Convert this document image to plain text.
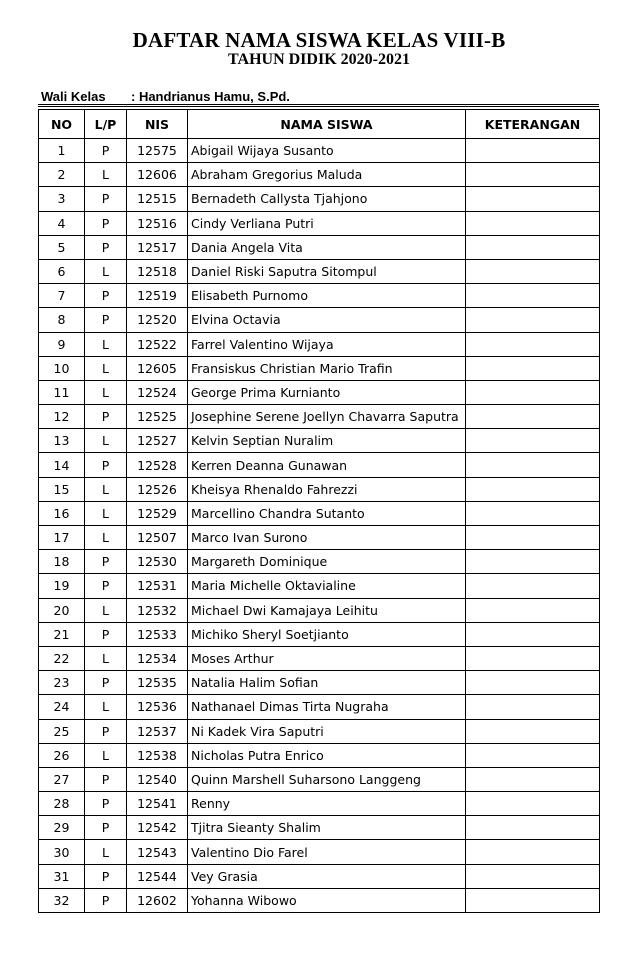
DAFTAR NAMA SISWA KELAS VIII-B
TAHUN DIDIK 2020-2021
Wali Kelas : Handrianus Hamu, S.Pd.
NO	L/P	NIS	NAMA SISWA	KETERANGAN
1	P	12575	Abigail Wijaya Susanto	
2	L	12606	Abraham Gregorius Maluda	
3	P	12515	Bernadeth Callysta Tjahjono	
4	P	12516	Cindy Verliana Putri	
5	P	12517	Dania Angela Vita	
6	L	12518	Daniel Riski Saputra Sitompul	
7	P	12519	Elisabeth Purnomo	
8	P	12520	Elvina Octavia	
9	L	12522	Farrel Valentino Wijaya	
10	L	12605	Fransiskus Christian Mario Trafin	
11	L	12524	George Prima Kurnianto	
12	P	12525	Josephine Serene Joellyn Chavarra Saputra	
13	L	12527	Kelvin Septian Nuralim	
14	P	12528	Kerren Deanna Gunawan	
15	L	12526	Kheisya Rhenaldo Fahrezzi	
16	L	12529	Marcellino Chandra Sutanto	
17	L	12507	Marco Ivan Surono	
18	P	12530	Margareth Dominique	
19	P	12531	Maria Michelle Oktavialine	
20	L	12532	Michael Dwi Kamajaya Leihitu	
21	P	12533	Michiko Sheryl Soetjianto	
22	L	12534	Moses Arthur	
23	P	12535	Natalia Halim Sofian	
24	L	12536	Nathanael Dimas Tirta Nugraha	
25	P	12537	Ni Kadek Vira Saputri	
26	L	12538	Nicholas Putra Enrico	
27	P	12540	Quinn Marshell Suharsono Langgeng	
28	P	12541	Renny	
29	P	12542	Tjitra Sieanty Shalim	
30	L	12543	Valentino Dio Farel	
31	P	12544	Vey Grasia	
32	P	12602	Yohanna Wibowo	
